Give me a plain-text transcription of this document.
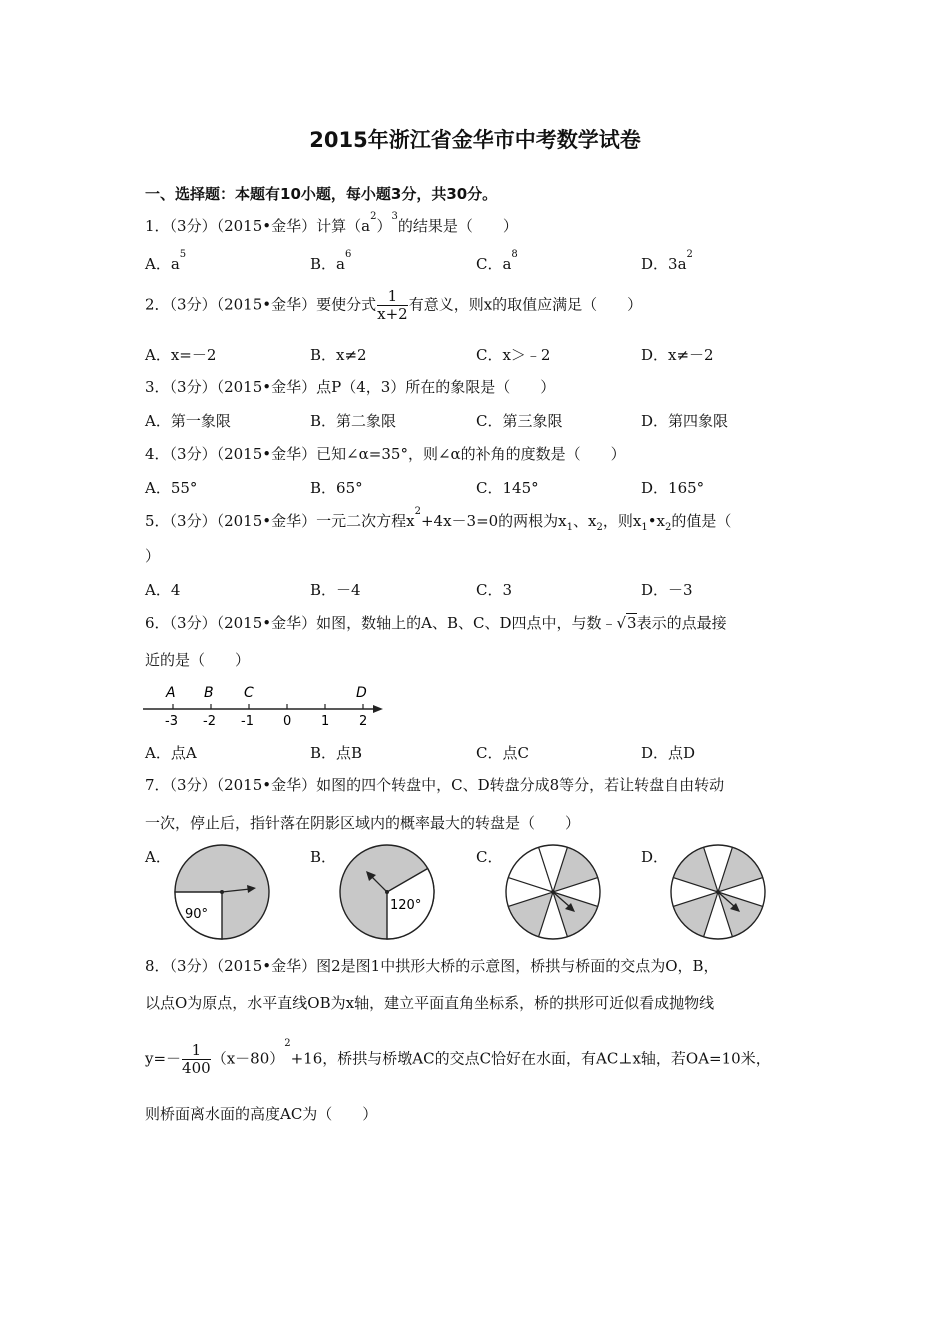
2015年浙江省金华市中考数学试卷
一、选择题：本题有10小题，每小题3分，共30分。
1．（3分）（2015•金华）计算$(a^2)^3$的结果是（　　）
A．$a^5$
B．$a^6$
C．$a^8$
D．$3a^2$
2．（3分）（2015•金华）要使分式 $\frac{1}{x+2}$ 有意义，则x的取值应满足（　　）
A．x=－2	B．x≠2	C．x＞﹣2	D．x≠－2
3．（3分）（2015•金华）点P（4，3）所在的象限是（　　）
A．第一象限	B．第二象限	C．第三象限	D．第四象限
4．（3分）（2015•金华）已知∠α=35°，则∠α的补角的度数是（　　）
A．55°	B．65°	C．145°	D．165°
5．（3分）（2015•金华）一元二次方程$x^2+4x-3=0$的两根为$x_1$、$x_2$，则$x_1•x_2$的值是（
）
A．4	B．－4	C．3	D．－3
6．（3分）（2015•金华）如图，数轴上的A、B、C、D四点中，与数﹣√3表示的点最接
近的是（　　）
A B C	D
-3 -2 -1 0 1 2
A．点A	B．点B	C．点C	D．点D
7．（3分）（2015•金华）如图的四个转盘中，C、D转盘分成8等分，若让转盘自由转动
一次，停止后，指针落在阴影区域内的概率最大的转盘是（　　）
A．	B．	C．	D．
90°
120°
8．（3分）（2015•金华）图2是图1中拱形大桥的示意图，桥拱与桥面的交点为O，B，
以点O为原点，水平直线OB为x轴，建立平面直角坐标系，桥的拱形可近似看成抛物线
$y=- \frac{1}{400} (x-80)^2+16$，桥拱与桥墩AC的交点C恰好在水面，有AC⊥x轴，若OA=10米，
则桥面离水面的高度AC为（　　）
